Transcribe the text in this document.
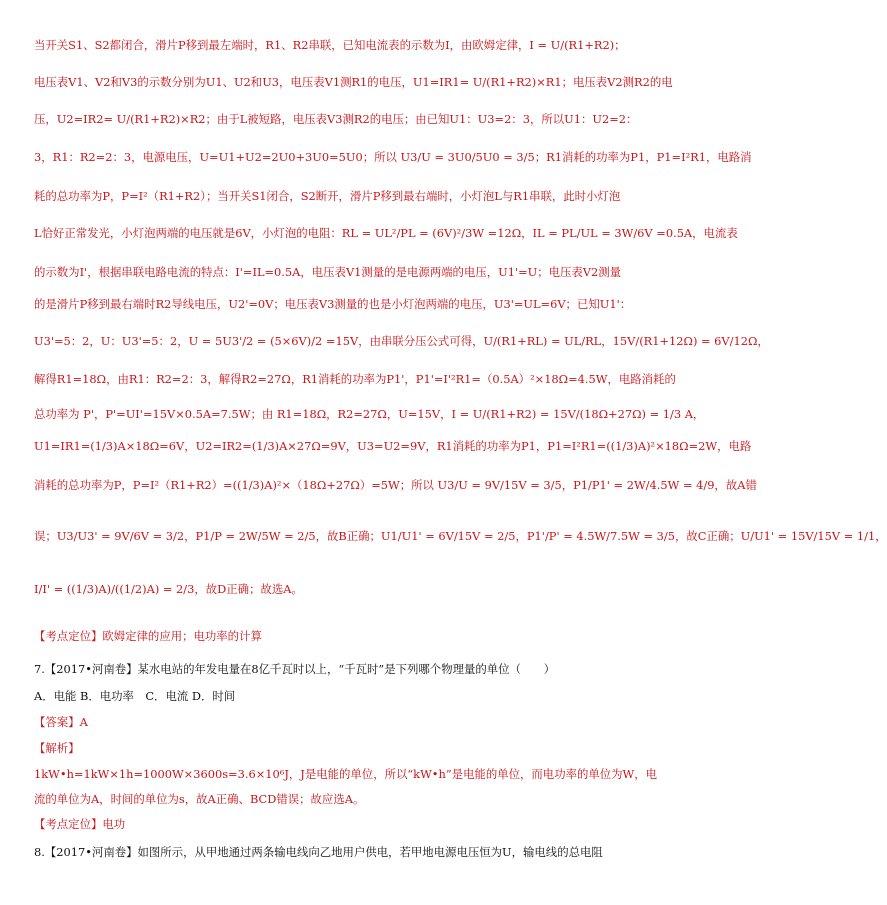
当开关S1、S2都闭合，滑片P移到最左端时，R1、R2串联，已知电流表的示数为I，由欧姆定律，I = U/(R1+R2)；
电压表V1、V2和V3的示数分别为U1、U2和U3，电压表V1测R1的电压，U1=IR1= U/(R1+R2)×R1；电压表V2测R2的电
压，U2=IR2= U/(R1+R2)×R2；由于L被短路，电压表V3测R2的电压；由已知U1：U3=2：3，所以U1：U2=2：
3，R1：R2=2：3，电源电压，U=U1+U2=2U0+3U0=5U0；所以 U3/U = 3U0/5U0 = 3/5；R1消耗的功率为P1，P1=I²R1，电路消
耗的总功率为P，P=I²（R1+R2）；当开关S1闭合，S2断开，滑片P移到最右端时，小灯泡L与R1串联，此时小灯泡
L恰好正常发光，小灯泡两端的电压就是6V，小灯泡的电阻：RL = UL²/PL = (6V)²/3W =12Ω，IL = PL/UL = 3W/6V =0.5A，电流表
的示数为I'，根据串联电路电流的特点：I'=IL=0.5A，电压表V1测量的是电源两端的电压，U1'=U；电压表V2测量
的是滑片P移到最右端时R2导线电压，U2'=0V；电压表V3测量的也是小灯泡两端的电压，U3'=UL=6V；已知U1'：
U3'=5：2，U：U3'=5：2，U = 5U3'/2 = (5×6V)/2 =15V，由串联分压公式可得，U/(R1+RL) = UL/RL，15V/(R1+12Ω) = 6V/12Ω，
解得R1=18Ω，由R1：R2=2：3，解得R2=27Ω，R1消耗的功率为P1'，P1'=I'²R1=（0.5A）²×18Ω=4.5W，电路消耗的
总功率为 P'，P'=UI'=15V×0.5A=7.5W；由 R1=18Ω，R2=27Ω，U=15V，I = U/(R1+R2) = 15V/(18Ω+27Ω) = 1/3 A，
U1=IR1=(1/3)A×18Ω=6V，U2=IR2=(1/3)A×27Ω=9V，U3=U2=9V，R1消耗的功率为P1，P1=I²R1=((1/3)A)²×18Ω=2W，电路
消耗的总功率为P，P=I²（R1+R2）=((1/3)A)²×（18Ω+27Ω）=5W；所以 U3/U = 9V/15V = 3/5，P1/P1' = 2W/4.5W = 4/9，故A错
误；U3/U3' = 9V/6V = 3/2，P1/P = 2W/5W = 2/5，故B正确；U1/U1' = 6V/15V = 2/5，P1'/P' = 4.5W/7.5W = 3/5，故C正确；U/U1' = 15V/15V = 1/1，
I/I' = ((1/3)A)/((1/2)A) = 2/3，故D正确；故选A。
【考点定位】欧姆定律的应用；电功率的计算
7.【2017•河南卷】某水电站的年发电量在8亿千瓦时以上，“千瓦时”是下列哪个物理量的单位（　　）
A．电能 B．电功率　C．电流 D．时间
【答案】A
【解析】
1kW•h=1kW×1h=1000W×3600s=3.6×10⁶J，J是电能的单位，所以“kW•h”是电能的单位，而电功率的单位为W，电
流的单位为A，时间的单位为s，故A正确、BCD错误；故应选A。
【考点定位】电功
8.【2017•河南卷】如图所示，从甲地通过两条输电线向乙地用户供电，若甲地电源电压恒为U，输电线的总电阻
